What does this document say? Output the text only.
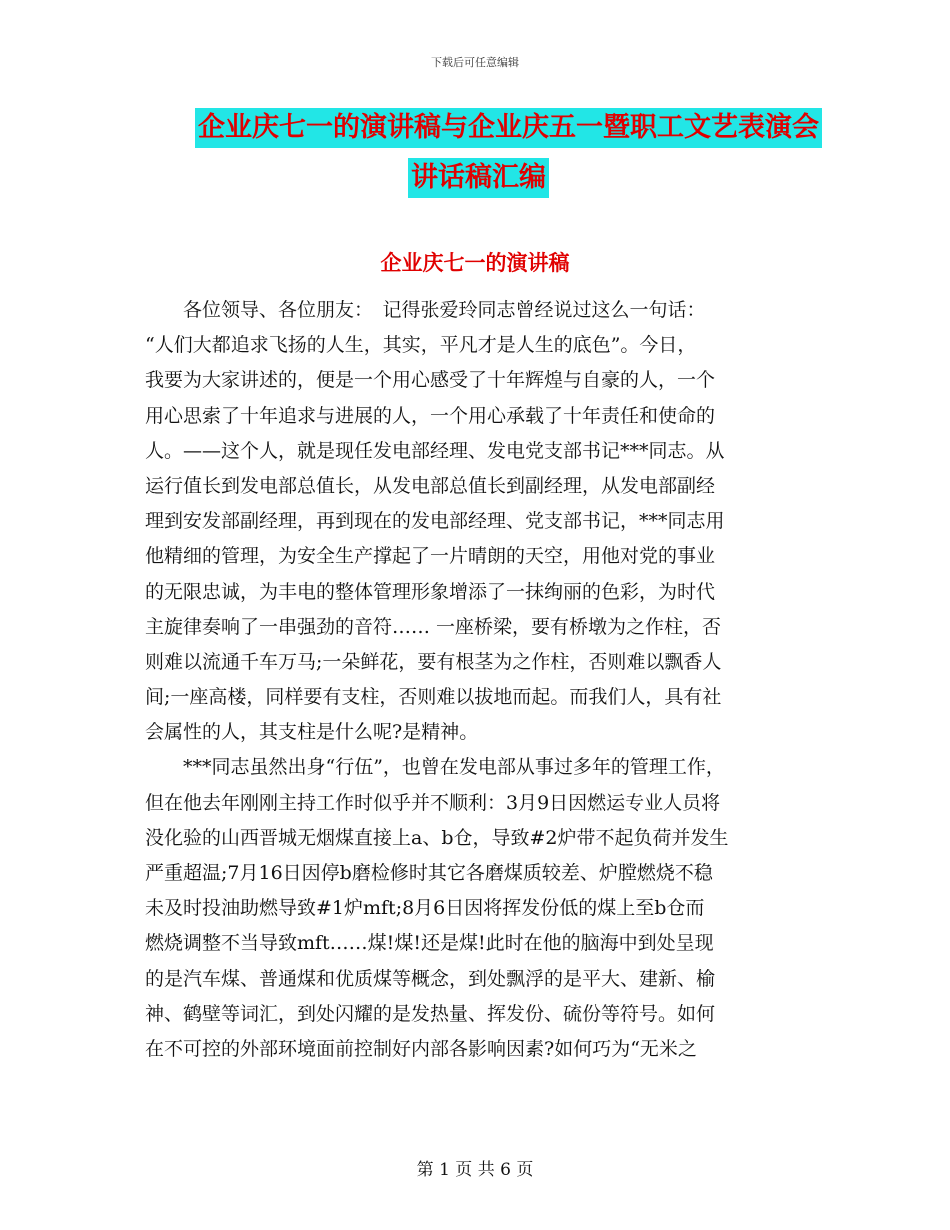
下载后可任意编辑
企业庆七一的演讲稿与企业庆五一暨职工文艺表演会
讲话稿汇编
企业庆七一的演讲稿
　　各位领导、各位朋友：　记得张爱玲同志曾经说过这么一句话：
“人们大都追求飞扬的人生，其实，平凡才是人生的底色”。今日，
我要为大家讲述的，便是一个用心感受了十年辉煌与自豪的人，一个
用心思索了十年追求与进展的人，一个用心承载了十年责任和使命的
人。——这个人，就是现任发电部经理、发电党支部书记***同志。从
运行值长到发电部总值长，从发电部总值长到副经理，从发电部副经
理到安发部副经理，再到现在的发电部经理、党支部书记，***同志用
他精细的管理，为安全生产撑起了一片晴朗的天空，用他对党的事业
的无限忠诚，为丰电的整体管理形象增添了一抹绚丽的色彩，为时代
主旋律奏响了一串强劲的音符…… 一座桥梁，要有桥墩为之作柱，否
则难以流通千车万马;一朵鲜花，要有根茎为之作柱，否则难以飘香人
间;一座高楼，同样要有支柱，否则难以拔地而起。而我们人，具有社
会属性的人，其支柱是什么呢?是精神。
　　***同志虽然出身“行伍”，也曾在发电部从事过多年的管理工作，
但在他去年刚刚主持工作时似乎并不顺利：3月9日因燃运专业人员将
没化验的山西晋城无烟煤直接上a、b仓，导致#2炉带不起负荷并发生
严重超温;7月16日因停b磨检修时其它各磨煤质较差、炉膛燃烧不稳
未及时投油助燃导致#1炉mft;8月6日因将挥发份低的煤上至b仓而
燃烧调整不当导致mft……煤!煤!还是煤!此时在他的脑海中到处呈现
的是汽车煤、普通煤和优质煤等概念，到处飘浮的是平大、建新、榆
神、鹤壁等词汇，到处闪耀的是发热量、挥发份、硫份等符号。如何
在不可控的外部环境面前控制好内部各影响因素?如何巧为“无米之
第 1 页 共 6 页
